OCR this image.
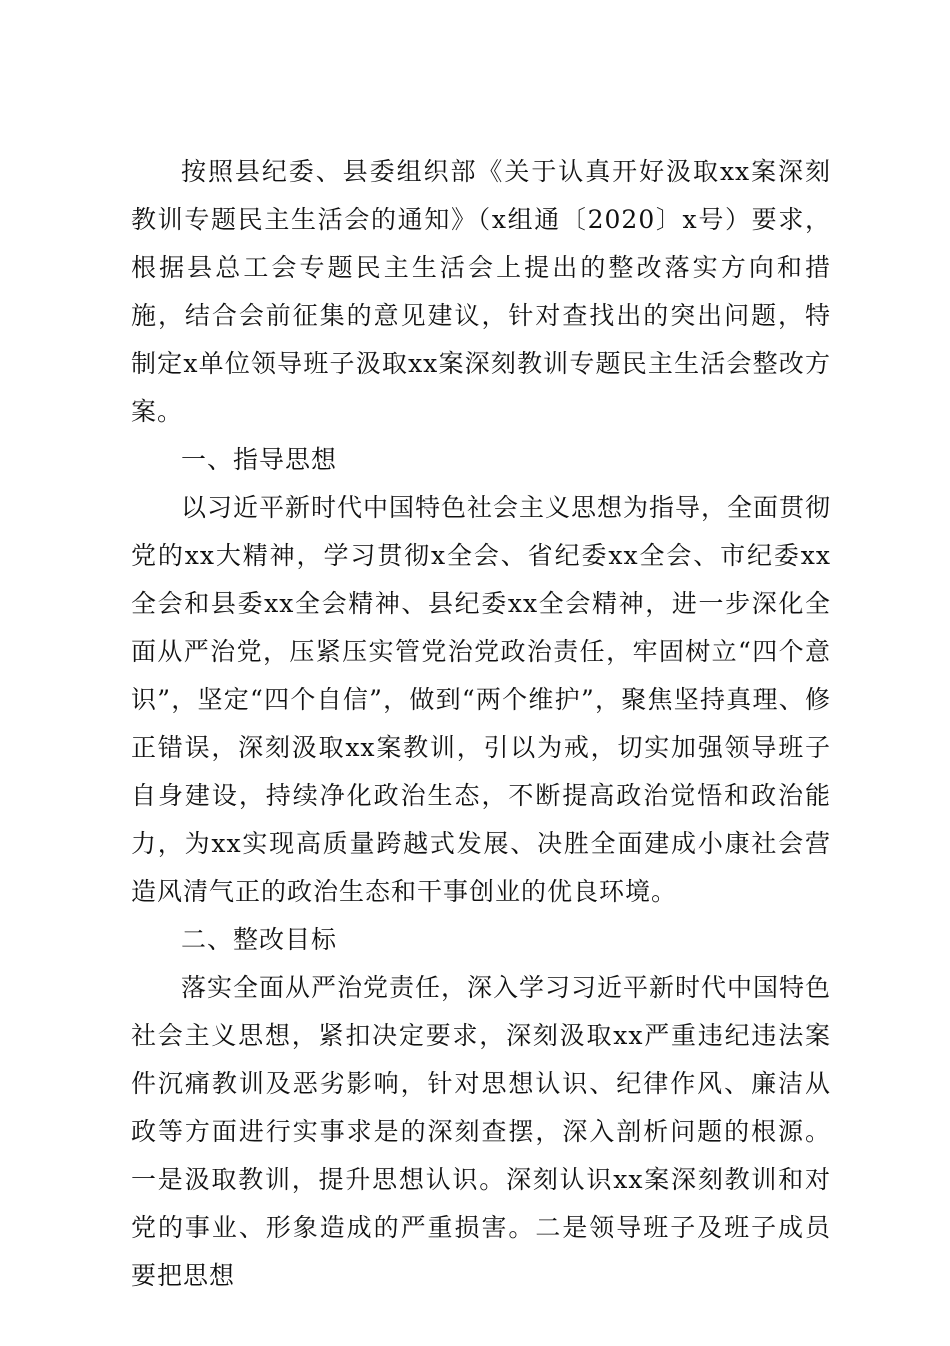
按照县纪委、县委组织部《关于认真开好汲取xx案深刻教训专题民主生活会的通知》（x组通〔2020〕x号）要求，根据县总工会专题民主生活会上提出的整改落实方向和措施，结合会前征集的意见建议，针对查找出的突出问题，特制定x单位领导班子汲取xx案深刻教训专题民主生活会整改方案。

一、指导思想

以习近平新时代中国特色社会主义思想为指导，全面贯彻党的xx大精神，学习贯彻x全会、省纪委xx全会、市纪委xx全会和县委xx全会精神、县纪委xx全会精神，进一步深化全面从严治党，压紧压实管党治党政治责任，牢固树立“四个意识”，坚定“四个自信”，做到“两个维护”，聚焦坚持真理、修正错误，深刻汲取xx案教训，引以为戒，切实加强领导班子自身建设，持续净化政治生态，不断提高政治觉悟和政治能力，为xx实现高质量跨越式发展、决胜全面建成小康社会营造风清气正的政治生态和干事创业的优良环境。

二、整改目标

落实全面从严治党责任，深入学习习近平新时代中国特色社会主义思想，紧扣决定要求，深刻汲取xx严重违纪违法案件沉痛教训及恶劣影响，针对思想认识、纪律作风、廉洁从政等方面进行实事求是的深刻查摆，深入剖析问题的根源。一是汲取教训，提升思想认识。深刻认识xx案深刻教训和对党的事业、形象造成的严重损害。二是领导班子及班子成员要把思想
